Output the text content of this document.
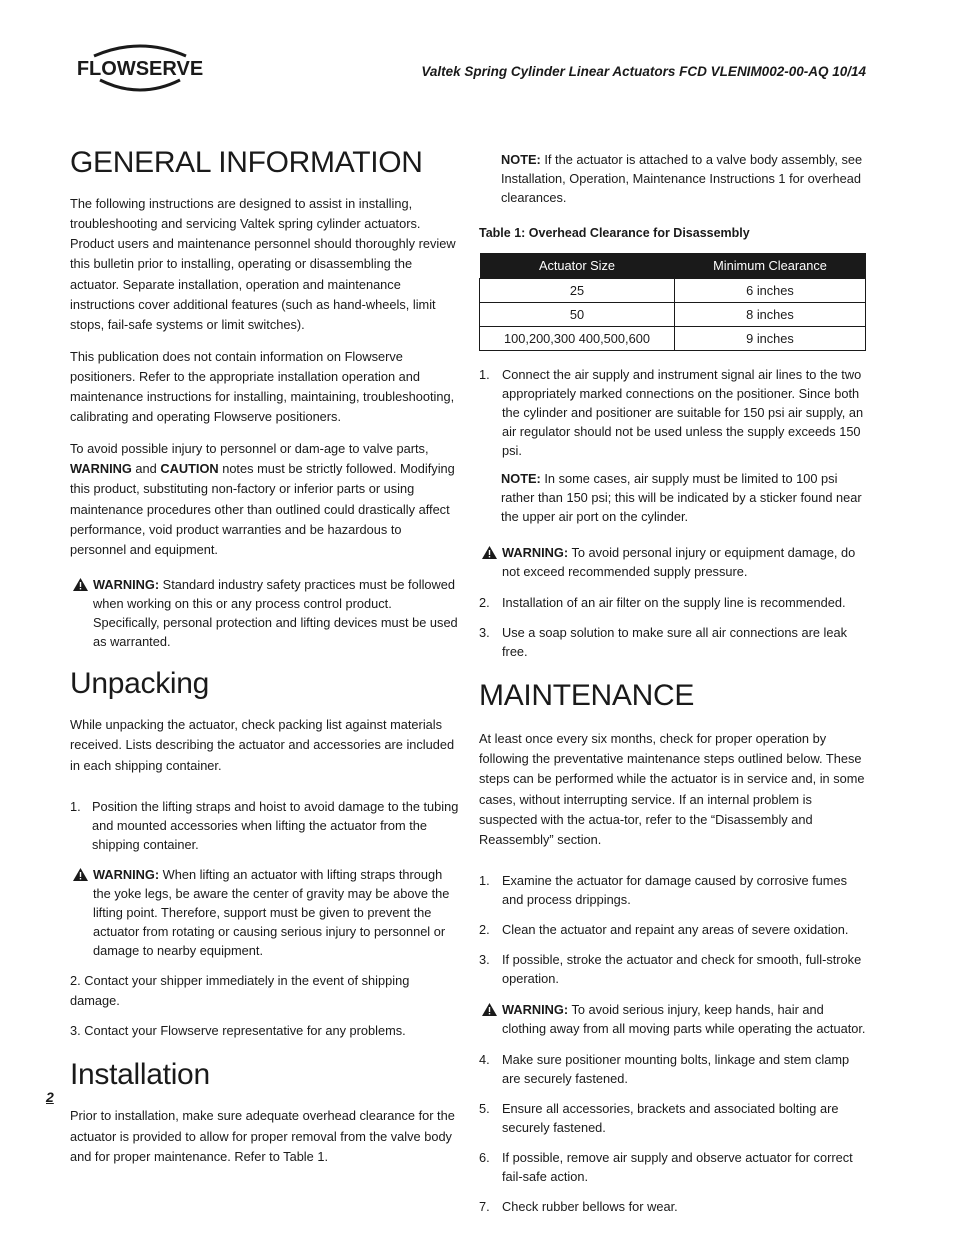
FLOWSERVE	Valtek Spring Cylinder Linear Actuators FCD VLENIM002-00-AQ 10/14
2
GENERAL INFORMATION

The following instructions are designed to assist in installing, troubleshooting and servicing Valtek spring cylinder actuators. Product users and maintenance personnel should thoroughly review this bulletin prior to installing, operating or disassembling the actuator. Separate installation, operation and maintenance instructions cover additional features (such as hand-wheels, limit stops, fail-safe systems or limit switches).

This publication does not contain information on Flowserve positioners. Refer to the appropriate installation operation and maintenance instructions for installing, maintaining, troubleshooting, calibrating and operating Flowserve positioners.

To avoid possible injury to personnel or dam-age to valve parts, WARNING and CAUTION notes must be strictly followed. Modifying this product, substituting non-factory or inferior parts or using maintenance procedures other than outlined could drastically affect performance, void product warranties and be hazardous to personnel and equipment.

WARNING: Standard industry safety practices must be followed when working on this or any process control product. Specifically, personal protection and lifting devices must be used as warranted.
Unpacking

While unpacking the actuator, check packing list against materials received. Lists describing the actuator and accessories are included in each shipping container.

1. Position the lifting straps and hoist to avoid damage to the tubing and mounted accessories when lifting the actuator from the shipping container.
WARNING: When lifting an actuator with lifting straps through the yoke legs, be aware the center of gravity may be above the lifting point. Therefore, support must be given to prevent the actuator from rotating or causing serious injury to personnel or damage to nearby equipment.

2. Contact your shipper immediately in the event of shipping damage.

3. Contact your Flowserve representative for any problems.

Installation

Prior to installation, make sure adequate overhead clearance for the actuator is provided to allow for proper removal from the valve body and for proper maintenance. Refer to Table 1.

NOTE: If the actuator is attached to a valve body assembly, see Installation, Operation, Maintenance Instructions 1 for overhead clearances.

Table 1: Overhead Clearance for Disassembly

Actuator Size	Minimum Clearance
25	6 inches
50	8 inches
100,200,300 400,500,600	9 inches
1. Connect the air supply and instrument signal air lines to the two appropriately marked connections on the positioner. Since both the cylinder and positioner are suitable for 150 psi air supply, an air regulator should not be used unless the supply exceeds 150 psi.
NOTE: In some cases, air supply must be limited to 100 psi rather than 150 psi; this will be indicated by a sticker found near the upper air port on the cylinder.
WARNING: To avoid personal injury or equipment damage, do not exceed recommended supply pressure.
2. Installation of an air filter on the supply line is recommended.
3. Use a soap solution to make sure all air connections are leak free.
MAINTENANCE

At least once every six months, check for proper operation by following the preventative maintenance steps outlined below. These steps can be performed while the actuator is in service and, in some cases, without interrupting service. If an internal problem is suspected with the actua-tor, refer to the “Disassembly and Reassembly” section.

1. Examine the actuator for damage caused by corrosive fumes and process drippings.
2. Clean the actuator and repaint any areas of severe oxidation.
3. If possible, stroke the actuator and check for smooth, full-stroke operation.
WARNING: To avoid serious injury, keep hands, hair and clothing away from all moving parts while operating the actuator.
4. Make sure positioner mounting bolts, linkage and stem clamp are securely fastened.
5. Ensure all accessories, brackets and associated bolting are securely fastened.
6. If possible, remove air supply and observe actuator for correct fail-safe action.
7. Check rubber bellows for wear.
